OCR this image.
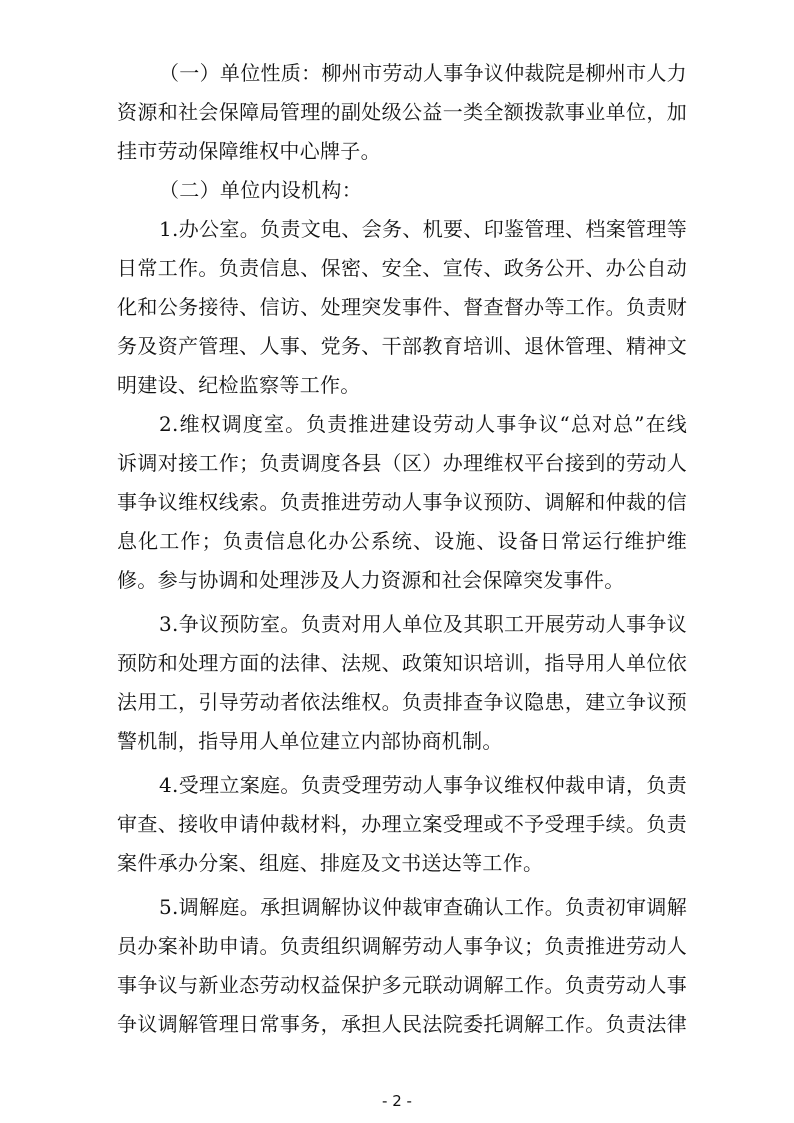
（一）单位性质：柳州市劳动人事争议仲裁院是柳州市人力
资源和社会保障局管理的副处级公益一类全额拨款事业单位，加
挂市劳动保障维权中心牌子。
（二）单位内设机构：
1.办公室。负责文电、会务、机要、印鉴管理、档案管理等
日常工作。负责信息、保密、安全、宣传、政务公开、办公自动
化和公务接待、信访、处理突发事件、督查督办等工作。负责财
务及资产管理、人事、党务、干部教育培训、退休管理、精神文
明建设、纪检监察等工作。
2.维权调度室。负责推进建设劳动人事争议“总对总”在线
诉调对接工作；负责调度各县（区）办理维权平台接到的劳动人
事争议维权线索。负责推进劳动人事争议预防、调解和仲裁的信
息化工作；负责信息化办公系统、设施、设备日常运行维护维
修。参与协调和处理涉及人力资源和社会保障突发事件。
3.争议预防室。负责对用人单位及其职工开展劳动人事争议
预防和处理方面的法律、法规、政策知识培训，指导用人单位依
法用工，引导劳动者依法维权。负责排查争议隐患，建立争议预
警机制，指导用人单位建立内部协商机制。
4.受理立案庭。负责受理劳动人事争议维权仲裁申请，负责
审查、接收申请仲裁材料，办理立案受理或不予受理手续。负责
案件承办分案、组庭、排庭及文书送达等工作。
5.调解庭。承担调解协议仲裁审查确认工作。负责初审调解
员办案补助申请。负责组织调解劳动人事争议；负责推进劳动人
事争议与新业态劳动权益保护多元联动调解工作。负责劳动人事
争议调解管理日常事务，承担人民法院委托调解工作。负责法律
- 2 -
